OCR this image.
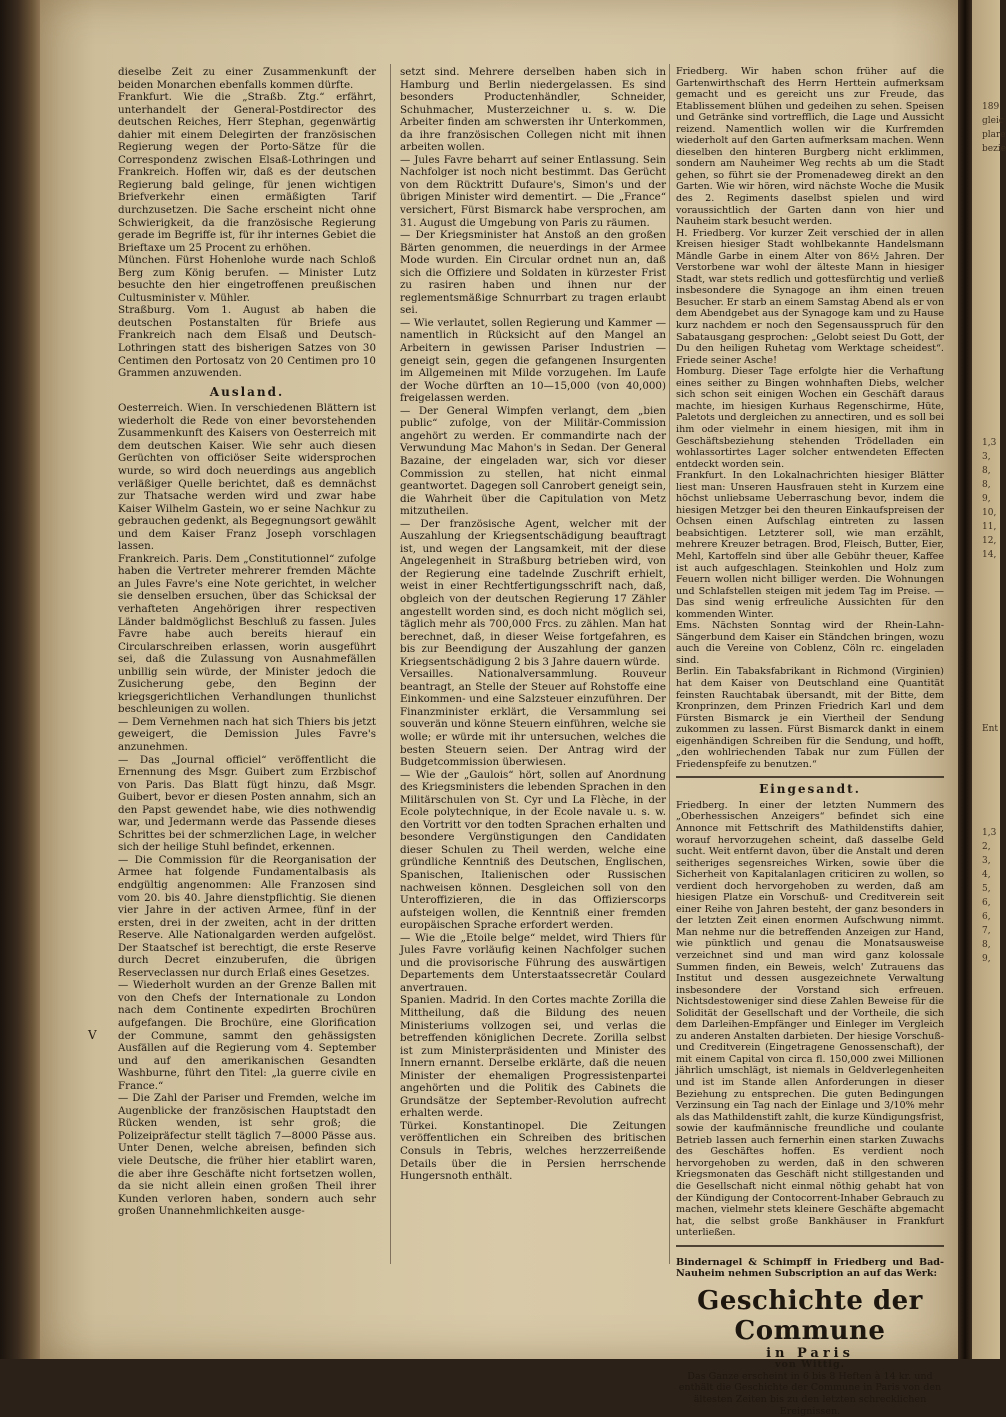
V

dieselbe Zeit zu einer Zusammenkunft der beiden Monarchen ebenfalls kommen dürfte.

Frankfurt. Wie die „Straßb. Ztg.“ erfährt, unterhandelt der General-Postdirector des deutschen Reiches, Herr Stephan, gegenwärtig dahier mit einem Delegirten der französischen Regierung wegen der Porto-Sätze für die Correspondenz zwischen Elsaß-Lothringen und Frankreich. Hoffen wir, daß es der deutschen Regierung bald gelinge, für jenen wichtigen Briefverkehr einen ermäßigten Tarif durchzusetzen. Die Sache erscheint nicht ohne Schwierigkeit, da die französische Regierung gerade im Begriffe ist, für ihr internes Gebiet die Brieftaxe um 25 Procent zu erhöhen.

München. Fürst Hohenlohe wurde nach Schloß Berg zum König berufen. — Minister Lutz besuchte den hier eingetroffenen preußischen Cultusminister v. Mühler.

Straßburg. Vom 1. August ab haben die deutschen Postanstalten für Briefe aus Frankreich nach dem Elsaß und Deutsch-Lothringen statt des bisherigen Satzes von 30 Centimen den Portosatz von 20 Centimen pro 10 Grammen anzuwenden.

Ausland.

Oesterreich. Wien. In verschiedenen Blättern ist wiederholt die Rede von einer bevorstehenden Zusammenkunft des Kaisers von Oesterreich mit dem deutschen Kaiser. Wie sehr auch diesen Gerüchten von officiöser Seite widersprochen wurde, so wird doch neuerdings aus angeblich verläßiger Quelle berichtet, daß es demnächst zur Thatsache werden wird und zwar habe Kaiser Wilhelm Gastein, wo er seine Nachkur zu gebrauchen gedenkt, als Begegnungsort gewählt und dem Kaiser Franz Joseph vorschlagen lassen.

Frankreich. Paris. Dem „Constitutionnel“ zufolge haben die Vertreter mehrerer fremden Mächte an Jules Favre's eine Note gerichtet, in welcher sie denselben ersuchen, über das Schicksal der verhafteten Angehörigen ihrer respectiven Länder baldmöglichst Beschluß zu fassen. Jules Favre habe auch bereits hierauf ein Circularschreiben erlassen, worin ausgeführt sei, daß die Zulassung von Ausnahmefällen unbillig sein würde, der Minister jedoch die Zusicherung gebe, den Beginn der kriegsgerichtlichen Verhandlungen thunlichst beschleunigen zu wollen.

— Dem Vernehmen nach hat sich Thiers bis jetzt geweigert, die Demission Jules Favre's anzunehmen.

— Das „Journal officiel“ veröffentlicht die Ernennung des Msgr. Guibert zum Erzbischof von Paris. Das Blatt fügt hinzu, daß Msgr. Guibert, bevor er diesen Posten annahm, sich an den Papst gewendet habe, wie dies nothwendig war, und Jedermann werde das Passende dieses Schrittes bei der schmerzlichen Lage, in welcher sich der heilige Stuhl befindet, erkennen.

— Die Commission für die Reorganisation der Armee hat folgende Fundamentalbasis als endgültig angenommen: Alle Franzosen sind vom 20. bis 40. Jahre dienstpflichtig. Sie dienen vier Jahre in der activen Armee, fünf in der ersten, drei in der zweiten, acht in der dritten Reserve. Alle Nationalgarden werden aufgelöst. Der Staatschef ist berechtigt, die erste Reserve durch Decret einzuberufen, die übrigen Reserveclassen nur durch Erlaß eines Gesetzes.

— Wiederholt wurden an der Grenze Ballen mit von den Chefs der Internationale zu London nach dem Continente expedirten Brochüren aufgefangen. Die Brochüre, eine Glorification der Commune, sammt den gehässigsten Ausfällen auf die Regierung vom 4. September und auf den amerikanischen Gesandten Washburne, führt den Titel: „la guerre civile en France.“

— Die Zahl der Pariser und Fremden, welche im Augenblicke der französischen Hauptstadt den Rücken wenden, ist sehr groß; die Polizeipräfectur stellt täglich 7—8000 Pässe aus. Unter Denen, welche abreisen, befinden sich viele Deutsche, die früher hier etablirt waren, die aber ihre Geschäfte nicht fortsetzen wollen, da sie nicht allein einen großen Theil ihrer Kunden verloren haben, sondern auch sehr großen Unannehmlichkeiten ausge-

setzt sind. Mehrere derselben haben sich in Hamburg und Berlin niedergelassen. Es sind besonders Productenhändler, Schneider, Schuhmacher, Musterzeichner u. s. w. Die Arbeiter finden am schwersten ihr Unterkommen, da ihre französischen Collegen nicht mit ihnen arbeiten wollen.

— Jules Favre beharrt auf seiner Entlassung. Sein Nachfolger ist noch nicht bestimmt. Das Gerücht von dem Rücktritt Dufaure's, Simon's und der übrigen Minister wird dementirt. — Die „France“ versichert, Fürst Bismarck habe versprochen, am 31. August die Umgebung von Paris zu räumen.

— Der Kriegsminister hat Anstoß an den großen Bärten genommen, die neuerdings in der Armee Mode wurden. Ein Circular ordnet nun an, daß sich die Offiziere und Soldaten in kürzester Frist zu rasiren haben und ihnen nur der reglementsmäßige Schnurrbart zu tragen erlaubt sei.

— Wie verlautet, sollen Regierung und Kammer — namentlich in Rücksicht auf den Mangel an Arbeitern in gewissen Pariser Industrien — geneigt sein, gegen die gefangenen Insurgenten im Allgemeinen mit Milde vorzugehen. Im Laufe der Woche dürften an 10—15,000 (von 40,000) freigelassen werden.

— Der General Wimpfen verlangt, dem „bien public“ zufolge, von der Militär-Commission angehört zu werden. Er commandirte nach der Verwundung Mac Mahon's in Sedan. Der General Bazaine, der eingeladen war, sich vor dieser Commission zu stellen, hat nicht einmal geantwortet. Dagegen soll Canrobert geneigt sein, die Wahrheit über die Capitulation von Metz mitzutheilen.

— Der französische Agent, welcher mit der Auszahlung der Kriegsentschädigung beauftragt ist, und wegen der Langsamkeit, mit der diese Angelegenheit in Straßburg betrieben wird, von der Regierung eine tadelnde Zuschrift erhielt, weist in einer Rechtfertigungsschrift nach, daß, obgleich von der deutschen Regierung 17 Zähler angestellt worden sind, es doch nicht möglich sei, täglich mehr als 700,000 Frcs. zu zählen. Man hat berechnet, daß, in dieser Weise fortgefahren, es bis zur Beendigung der Auszahlung der ganzen Kriegsentschädigung 2 bis 3 Jahre dauern würde.

Versailles. Nationalversammlung. Rouveur beantragt, an Stelle der Steuer auf Rohstoffe eine Einkommen- und eine Salzsteuer einzuführen. Der Finanzminister erklärt, die Versammlung sei souverän und könne Steuern einführen, welche sie wolle; er würde mit ihr untersuchen, welches die besten Steuern seien. Der Antrag wird der Budgetcommission überwiesen.

— Wie der „Gaulois“ hört, sollen auf Anordnung des Kriegsministers die lebenden Sprachen in den Militärschulen von St. Cyr und La Flèche, in der Ecole polytechnique, in der Ecole navale u. s. w. den Vortritt vor den todten Sprachen erhalten und besondere Vergünstigungen den Candidaten dieser Schulen zu Theil werden, welche eine gründliche Kenntniß des Deutschen, Englischen, Spanischen, Italienischen oder Russischen nachweisen können. Desgleichen soll von den Unteroffizieren, die in das Offizierscorps aufsteigen wollen, die Kenntniß einer fremden europäischen Sprache erfordert werden.

— Wie die „Etoile belge“ meldet, wird Thiers für Jules Favre vorläufig keinen Nachfolger suchen und die provisorische Führung des auswärtigen Departements dem Unterstaatssecretär Coulard anvertrauen.

Spanien. Madrid. In den Cortes machte Zorilla die Mittheilung, daß die Bildung des neuen Ministeriums vollzogen sei, und verlas die betreffenden königlichen Decrete. Zorilla selbst ist zum Ministerpräsidenten und Minister des Innern ernannt. Derselbe erklärte, daß die neuen Minister der ehemaligen Progressistenpartei angehörten und die Politik des Cabinets die Grundsätze der September-Revolution aufrecht erhalten werde.

Türkei. Konstantinopel. Die Zeitungen veröffentlichen ein Schreiben des britischen Consuls in Tebris, welches herzzerreißende Details über die in Persien herrschende Hungersnoth enthält.

Friedberg. Wir haben schon früher auf die Gartenwirthschaft des Herrn Herttein aufmerksam gemacht und es gereicht uns zur Freude, das Etablissement blühen und gedeihen zu sehen. Speisen und Getränke sind vortrefflich, die Lage und Aussicht reizend. Namentlich wollen wir die Kurfremden wiederholt auf den Garten aufmerksam machen. Wenn dieselben den hinteren Burgberg nicht erklimmen, sondern am Nauheimer Weg rechts ab um die Stadt gehen, so führt sie der Promenadeweg direkt an den Garten. Wie wir hören, wird nächste Woche die Musik des 2. Regiments daselbst spielen und wird voraussichtlich der Garten dann von hier und Nauheim stark besucht werden.

H. Friedberg. Vor kurzer Zeit verschied der in allen Kreisen hiesiger Stadt wohlbekannte Handelsmann Mändle Garbe in einem Alter von 86½ Jahren. Der Verstorbene war wohl der älteste Mann in hiesiger Stadt, war stets redlich und gottesfürchtig und verließ insbesondere die Synagoge an ihm einen treuen Besucher. Er starb an einem Samstag Abend als er von dem Abendgebet aus der Synagoge kam und zu Hause kurz nachdem er noch den Segensausspruch für den Sabatausgang gesprochen: „Gelobt seiest Du Gott, der Du den heiligen Ruhetag vom Werktage scheidest“. Friede seiner Asche!

Homburg. Dieser Tage erfolgte hier die Verhaftung eines seither zu Bingen wohnhaften Diebs, welcher sich schon seit einigen Wochen ein Geschäft daraus machte, im hiesigen Kurhaus Regenschirme, Hüte, Paletots und dergleichen zu annectiren, und es soll bei ihm oder vielmehr in einem hiesigen, mit ihm in Geschäftsbeziehung stehenden Trödelladen ein wohlassortirtes Lager solcher entwendeten Effecten entdeckt worden sein.

Frankfurt. In den Lokalnachrichten hiesiger Blätter liest man: Unseren Hausfrauen steht in Kurzem eine höchst unliebsame Ueberraschung bevor, indem die hiesigen Metzger bei den theuren Einkaufspreisen der Ochsen einen Aufschlag eintreten zu lassen beabsichtigen. Letzterer soll, wie man erzählt, mehrere Kreuzer betragen. Brod, Fleisch, Butter, Eier, Mehl, Kartoffeln sind über alle Gebühr theuer, Kaffee ist auch aufgeschlagen. Steinkohlen und Holz zum Feuern wollen nicht billiger werden. Die Wohnungen und Schlafstellen steigen mit jedem Tag im Preise. — Das sind wenig erfreuliche Aussichten für den kommenden Winter.

Ems. Nächsten Sonntag wird der Rhein-Lahn-Sängerbund dem Kaiser ein Ständchen bringen, wozu auch die Vereine von Coblenz, Cöln rc. eingeladen sind.

Berlin. Ein Tabaksfabrikant in Richmond (Virginien) hat dem Kaiser von Deutschland eine Quantität feinsten Rauchtabak übersandt, mit der Bitte, dem Kronprinzen, dem Prinzen Friedrich Karl und dem Fürsten Bismarck je ein Viertheil der Sendung zukommen zu lassen. Fürst Bismarck dankt in einem eigenhändigen Schreiben für die Sendung, und hofft, „den wohlriechenden Tabak nur zum Füllen der Friedenspfeife zu benutzen.“

Eingesandt.

Friedberg. In einer der letzten Nummern des „Oberhessischen Anzeigers“ befindet sich eine Annonce mit Fettschrift des Mathildenstifts dahier, worauf hervorzugehen scheint, daß dasselbe Geld sucht. Weit entfernt davon, über die Anstalt und deren seitheriges segensreiches Wirken, sowie über die Sicherheit von Kapitalanlagen criticiren zu wollen, so verdient doch hervorgehoben zu werden, daß am hiesigen Platze ein Vorschuß- und Creditverein seit einer Reihe von Jahren besteht, der ganz besonders in der letzten Zeit einen enormen Aufschwung nimmt. Man nehme nur die betreffenden Anzeigen zur Hand, wie pünktlich und genau die Monatsausweise verzeichnet sind und man wird ganz kolossale Summen finden, ein Beweis, welch' Zutrauens das Institut und dessen ausgezeichnete Verwaltung insbesondere der Vorstand sich erfreuen. Nichtsdestoweniger sind diese Zahlen Beweise für die Solidität der Gesellschaft und der Vortheile, die sich dem Darleihen-Empfänger und Einleger im Vergleich zu anderen Anstalten darbieten. Der hiesige Vorschuß- und Creditverein (Eingetragene Genossenschaft), der mit einem Capital von circa fl. 150,000 zwei Millionen jährlich umschlägt, ist niemals in Geldverlegenheiten und ist im Stande allen Anforderungen in dieser Beziehung zu entsprechen. Die guten Bedingungen Verzinsung ein Tag nach der Einlage und 3/10% mehr als das Mathildenstift zahlt, die kurze Kündigungsfrist, sowie der kaufmännische freundliche und coulante Betrieb lassen auch fernerhin einen starken Zuwachs des Geschäftes hoffen. Es verdient noch hervorgehoben zu werden, daß in den schweren Kriegsmonaten das Geschäft nicht stillgestanden und die Gesellschaft nicht einmal nöthig gehabt hat von der Kündigung der Contocorrent-Inhaber Gebrauch zu machen, vielmehr stets kleinere Geschäfte abgemacht hat, die selbst große Bankhäuser in Frankfurt unterließen.

Bindernagel & Schimpff in Friedberg und Bad-Nauheim nehmen Subscription an auf das Werk:

Geschichte der Commune
in Paris
von Wittig.

Das Ganze erscheint in 6 bis 8 Heften à 14 kr. und enthält die Geschichte der Commune in Paris von den ältesten Zeiten bis zu den letzten schrecklichen Ereignissen.

189
gleic
plare
bezie
1,3
3,
8,
8,
9,
10,
11,
12,
14,
Ent
1,3
2,
3,
4,
5,
6,
6,
7,
8,
9,
